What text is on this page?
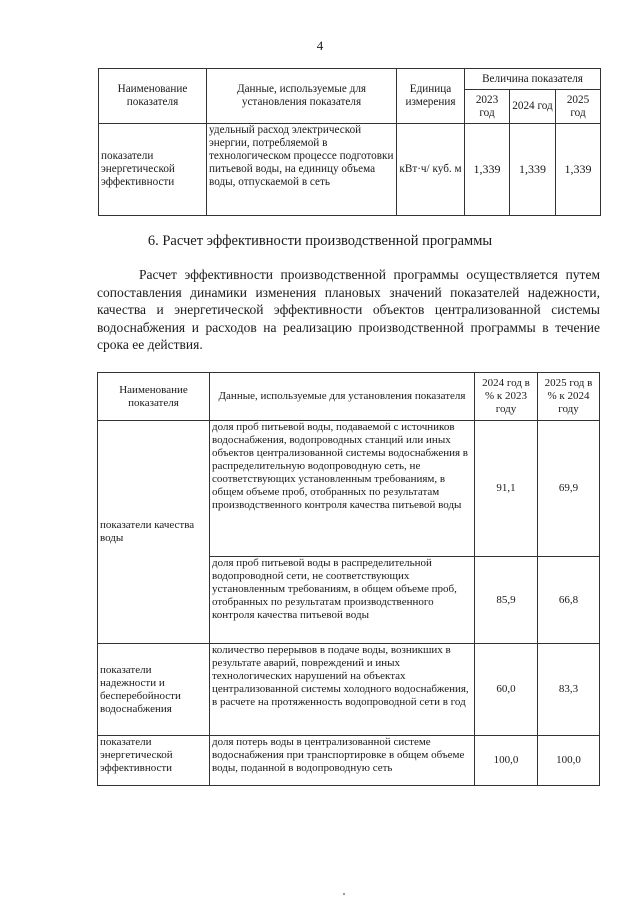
4
Наименование показателя	Данные, используемые для установления показателя	Единица измерения	Величина показателя		
			2023 год	2024 год	2025 год
показатели энергетической эффективности	удельный расход электрической энергии, потребляемой в технологическом процессе подготовки питьевой воды, на единицу объема воды, отпускаемой в сеть	кВт·ч/ куб. м	1,339	1,339	1,339
6. Расчет эффективности производственной программы
Расчет эффективности производственной программы осуществляется путем сопоставления динамики изменения плановых значений показателей надежности, качества и энергетической эффективности объектов централизованной системы водоснабжения и расходов на реализацию производственной программы в течение срока ее действия.
Наименование показателя	Данные, используемые для установления показателя	2024 год в % к 2023 году	2025 год в % к 2024 году
показатели качества воды	доля проб питьевой воды, подаваемой с источников водоснабжения, водопроводных станций или иных объектов централизованной системы водоснабжения в распределительную водопроводную сеть, не соответствующих установленным требованиям, в общем объеме проб, отобранных по результатам производственного контроля качества питьевой воды	91,1	69,9
	доля проб питьевой воды в распределительной водопроводной сети, не соответствующих установленным требованиям, в общем объеме проб, отобранных по результатам производственного контроля качества питьевой воды	85,9	66,8
показатели надежности и бесперебойности водоснабжения	количество перерывов в подаче воды, возникших в результате аварий, повреждений и иных технологических нарушений на объектах централизованной системы холодного водоснабжения, в расчете на протяженность водопроводной сети в год	60,0	83,3
показатели энергетической эффективности	доля потерь воды в централизованной системе водоснабжения при транспортировке в общем объеме воды, поданной в водопроводную сеть	100,0	100,0
